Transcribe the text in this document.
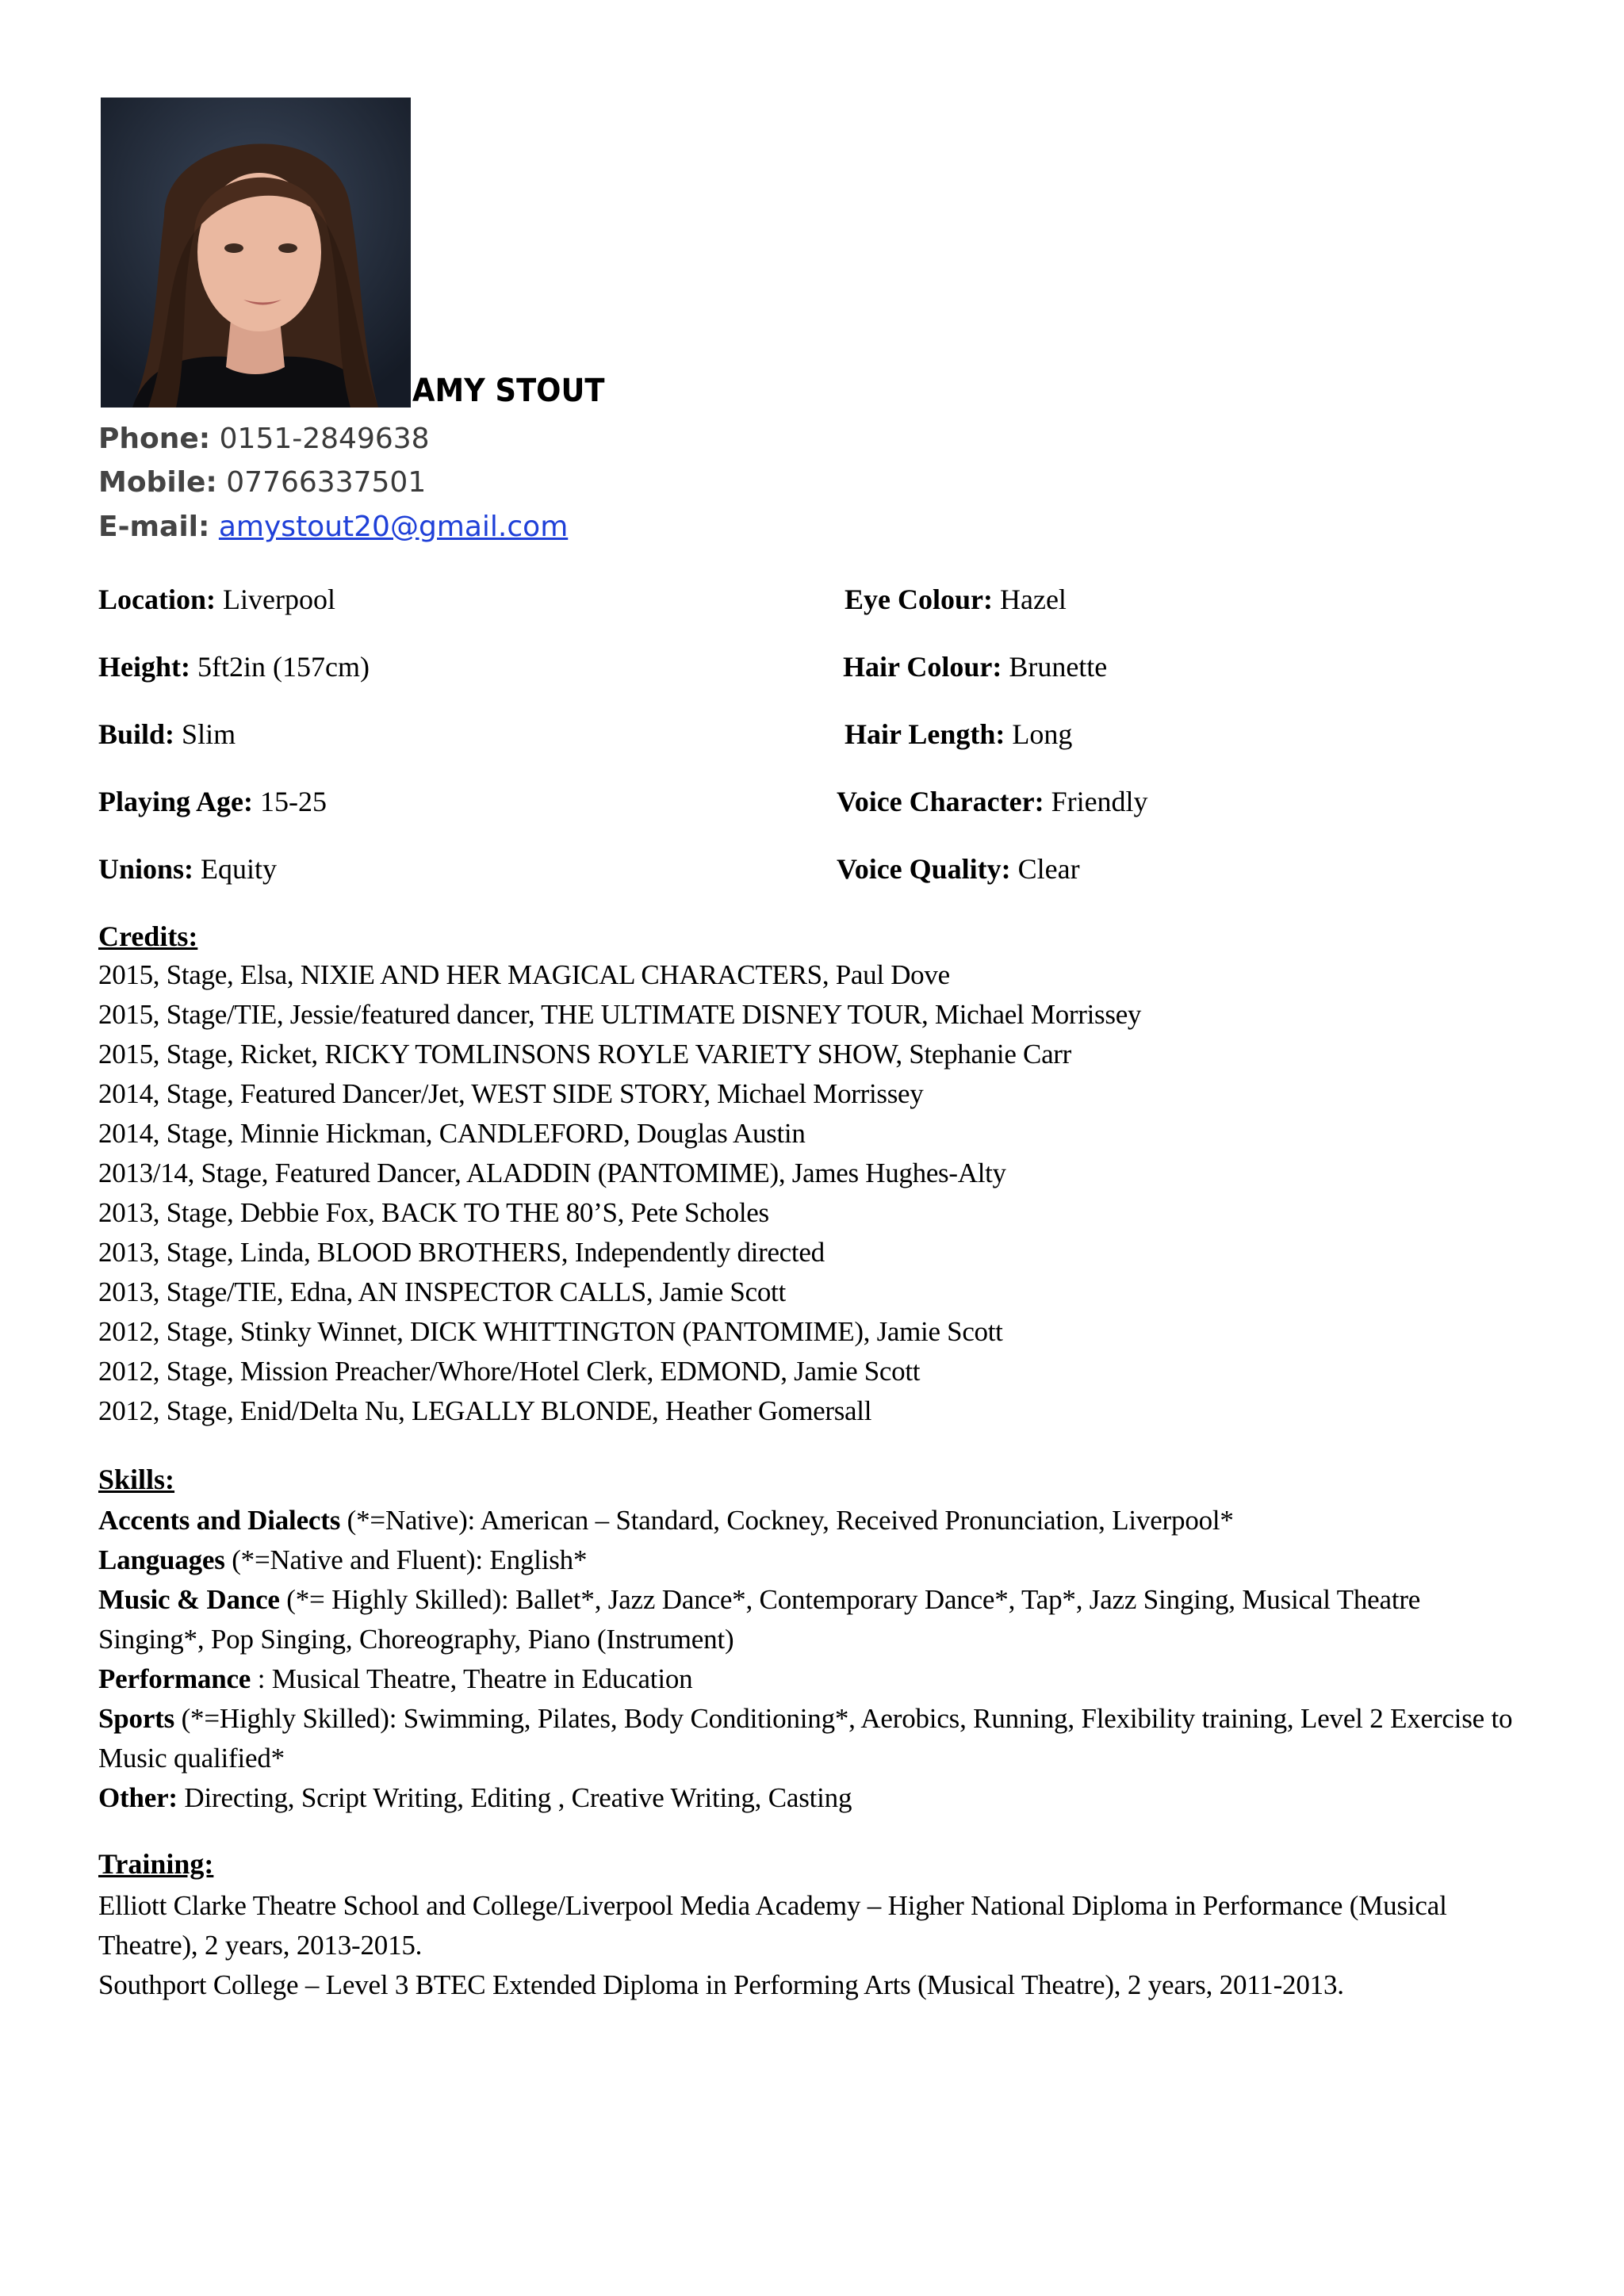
AMY STOUT
Phone: 0151-2849638
Mobile: 07766337501
E-mail: amystout20@gmail.com
Location: Liverpool
Height: 5ft2in (157cm)
Build: Slim
Playing Age: 15-25
Unions: Equity
Eye Colour: Hazel
Hair Colour: Brunette
Hair Length: Long
Voice Character: Friendly
Voice Quality: Clear
Credits:
2015, Stage, Elsa, NIXIE AND HER MAGICAL CHARACTERS, Paul Dove
2015, Stage/TIE, Jessie/featured dancer, THE ULTIMATE DISNEY TOUR, Michael Morrissey
2015, Stage, Ricket, RICKY TOMLINSONS ROYLE VARIETY SHOW, Stephanie Carr
2014, Stage, Featured Dancer/Jet, WEST SIDE STORY, Michael Morrissey
2014, Stage, Minnie Hickman, CANDLEFORD, Douglas Austin
2013/14, Stage, Featured Dancer, ALADDIN (PANTOMIME), James Hughes-Alty
2013, Stage, Debbie Fox, BACK TO THE 80’S, Pete Scholes
2013, Stage, Linda, BLOOD BROTHERS, Independently directed
2013, Stage/TIE, Edna, AN INSPECTOR CALLS, Jamie Scott
2012, Stage, Stinky Winnet, DICK WHITTINGTON (PANTOMIME), Jamie Scott
2012, Stage, Mission Preacher/Whore/Hotel Clerk, EDMOND, Jamie Scott
2012, Stage, Enid/Delta Nu, LEGALLY BLONDE, Heather Gomersall
Skills:
Accents and Dialects (*=Native): American – Standard, Cockney, Received Pronunciation, Liverpool*
Languages (*=Native and Fluent): English*
Music & Dance (*= Highly Skilled): Ballet*, Jazz Dance*, Contemporary Dance*, Tap*, Jazz Singing, Musical Theatre Singing*, Pop Singing, Choreography, Piano (Instrument)
Performance : Musical Theatre, Theatre in Education
Sports (*=Highly Skilled): Swimming, Pilates, Body Conditioning*, Aerobics, Running, Flexibility training, Level 2 Exercise to Music qualified*
Other: Directing, Script Writing, Editing , Creative Writing, Casting
Training:
Elliott Clarke Theatre School and College/Liverpool Media Academy – Higher National Diploma in Performance (Musical Theatre), 2 years, 2013-2015.
Southport College – Level 3 BTEC Extended Diploma in Performing Arts (Musical Theatre), 2 years, 2011-2013.
